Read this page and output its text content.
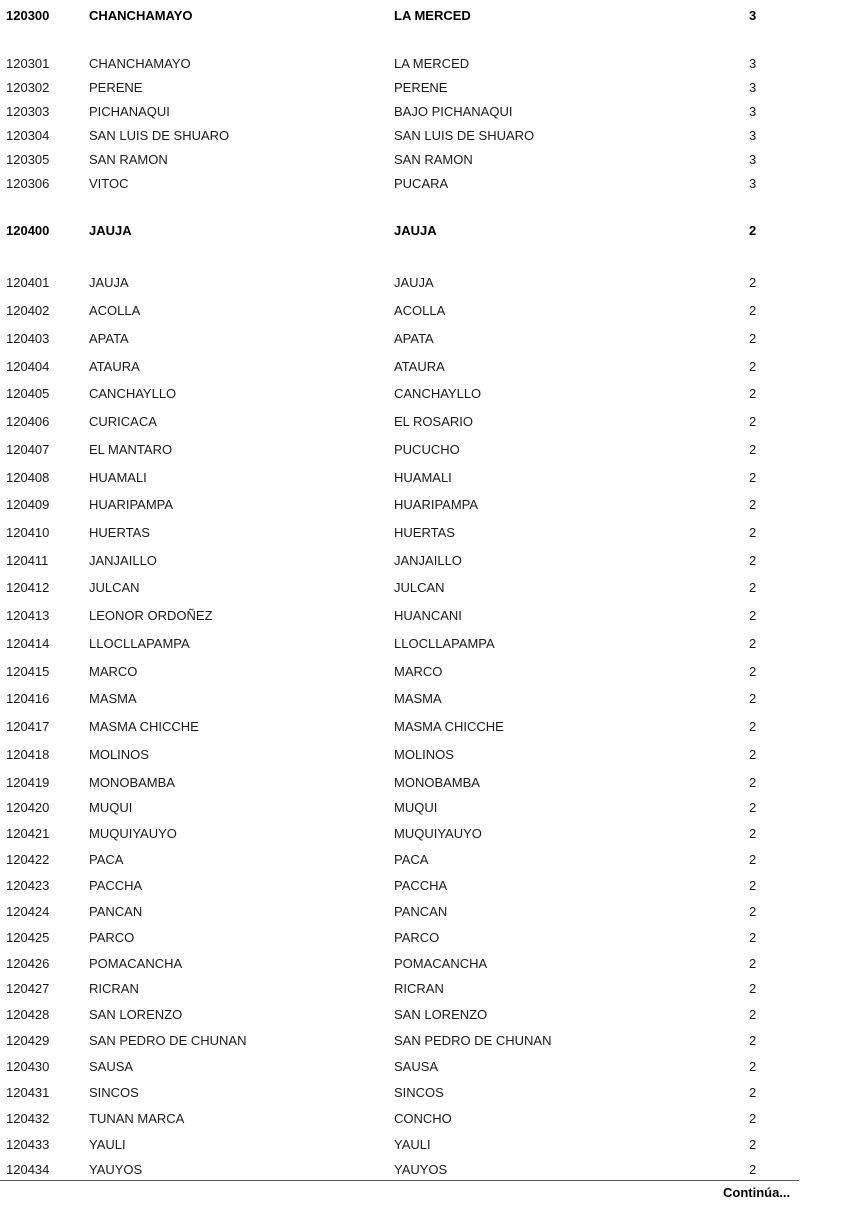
120300	CHANCHAMAYO	LA MERCED	3
120301	CHANCHAMAYO	LA MERCED	3
120302	PERENE	PERENE	3
120303	PICHANAQUI	BAJO PICHANAQUI	3
120304	SAN LUIS DE SHUARO	SAN LUIS DE SHUARO	3
120305	SAN RAMON	SAN RAMON	3
120306	VITOC	PUCARA	3
120400	JAUJA	JAUJA	2
120401	JAUJA	JAUJA	2
120402	ACOLLA	ACOLLA	2
120403	APATA	APATA	2
120404	ATAURA	ATAURA	2
120405	CANCHAYLLO	CANCHAYLLO	2
120406	CURICACA	EL ROSARIO	2
120407	EL MANTARO	PUCUCHO	2
120408	HUAMALI	HUAMALI	2
120409	HUARIPAMPA	HUARIPAMPA	2
120410	HUERTAS	HUERTAS	2
120411	JANJAILLO	JANJAILLO	2
120412	JULCAN	JULCAN	2
120413	LEONOR ORDOÑEZ	HUANCANI	2
120414	LLOCLLAPAMPA	LLOCLLAPAMPA	2
120415	MARCO	MARCO	2
120416	MASMA	MASMA	2
120417	MASMA CHICCHE	MASMA CHICCHE	2
120418	MOLINOS	MOLINOS	2
120419	MONOBAMBA	MONOBAMBA	2
120420	MUQUI	MUQUI	2
120421	MUQUIYAUYO	MUQUIYAUYO	2
120422	PACA	PACA	2
120423	PACCHA	PACCHA	2
120424	PANCAN	PANCAN	2
120425	PARCO	PARCO	2
120426	POMACANCHA	POMACANCHA	2
120427	RICRAN	RICRAN	2
120428	SAN LORENZO	SAN LORENZO	2
120429	SAN PEDRO DE CHUNAN	SAN PEDRO DE CHUNAN	2
120430	SAUSA	SAUSA	2
120431	SINCOS	SINCOS	2
120432	TUNAN MARCA	CONCHO	2
120433	YAULI	YAULI	2
120434	YAUYOS	YAUYOS	2
Continúa...
